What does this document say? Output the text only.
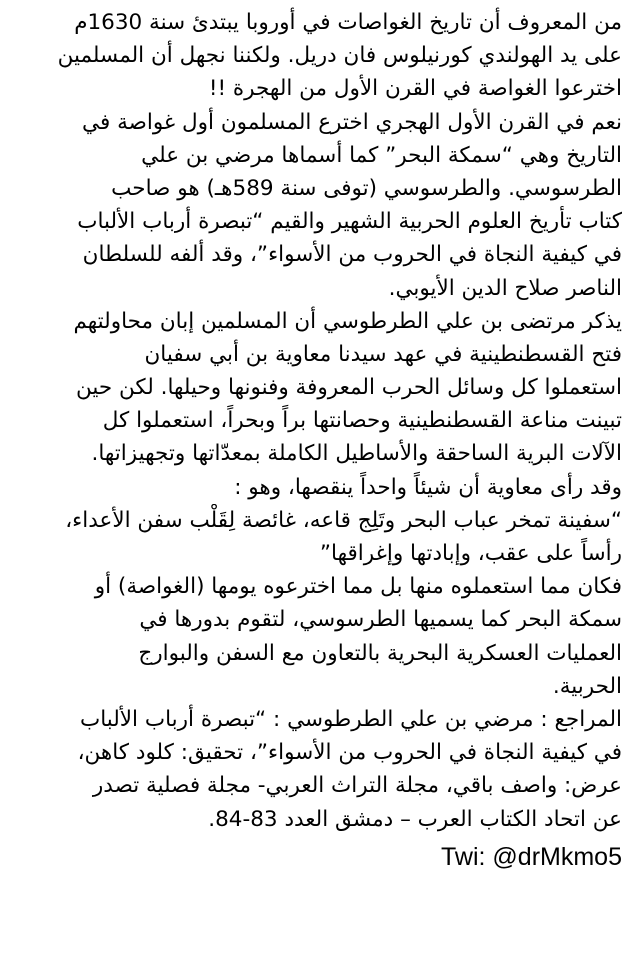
من المعروف أن تاريخ الغواصات في أوروبا يبتدئ سنة 1630م
على يد الهولندي كورنيلوس فان دريل. ولكننا نجهل أن المسلمين
اخترعوا الغواصة في القرن الأول من الهجرة !!
نعم في القرن الأول الهجري اخترع المسلمون أول غواصة في
التاريخ وهي “سمكة البحر” كما أسماها مرضي بن علي
الطرسوسي. والطرسوسي (توفى سنة 589هـ) هو صاحب
كتاب تأريخ العلوم الحربية الشهير والقيم “تبصرة أرباب الألباب
في كيفية النجاة في الحروب من الأسواء”، وقد ألفه للسلطان
الناصر صلاح الدين الأيوبي.
يذكر مرتضى بن علي الطرطوسي أن المسلمين إبان محاولتهم
فتح القسطنطينية في عهد سيدنا معاوية بن أبي سفيان
استعملوا كل وسائل الحرب المعروفة وفنونها وحيلها. لكن حين
تبينت مناعة القسطنطينية وحصانتها براً وبحراً، استعملوا كل
الآلات البرية الساحقة والأساطيل الكاملة بمعدّاتها وتجهيزاتها.
وقد رأى معاوية أن شيئاً واحداً ينقصها، وهو :
“سفينة تمخر عباب البحر وتَلِج قاعه، غائصة لِقَلْب سفن الأعداء،
رأساً على عقب، وإبادتها وإغراقها”
فكان مما استعملوه منها بل مما اخترعوه يومها (الغواصة) أو
سمكة البحر كما يسميها الطرسوسي، لتقوم بدورها في
العمليات العسكرية البحرية بالتعاون مع السفن والبوارج
الحربية.
المراجع : مرضي بن علي الطرطوسي : “تبصرة أرباب الألباب
في كيفية النجاة في الحروب من الأسواء”، تحقيق: كلود كاهن،
عرض: واصف باقي، مجلة التراث العربي- مجلة فصلية تصدر
عن اتحاد الكتاب العرب – دمشق العدد 83-84.
Twi: @drMkmo5
